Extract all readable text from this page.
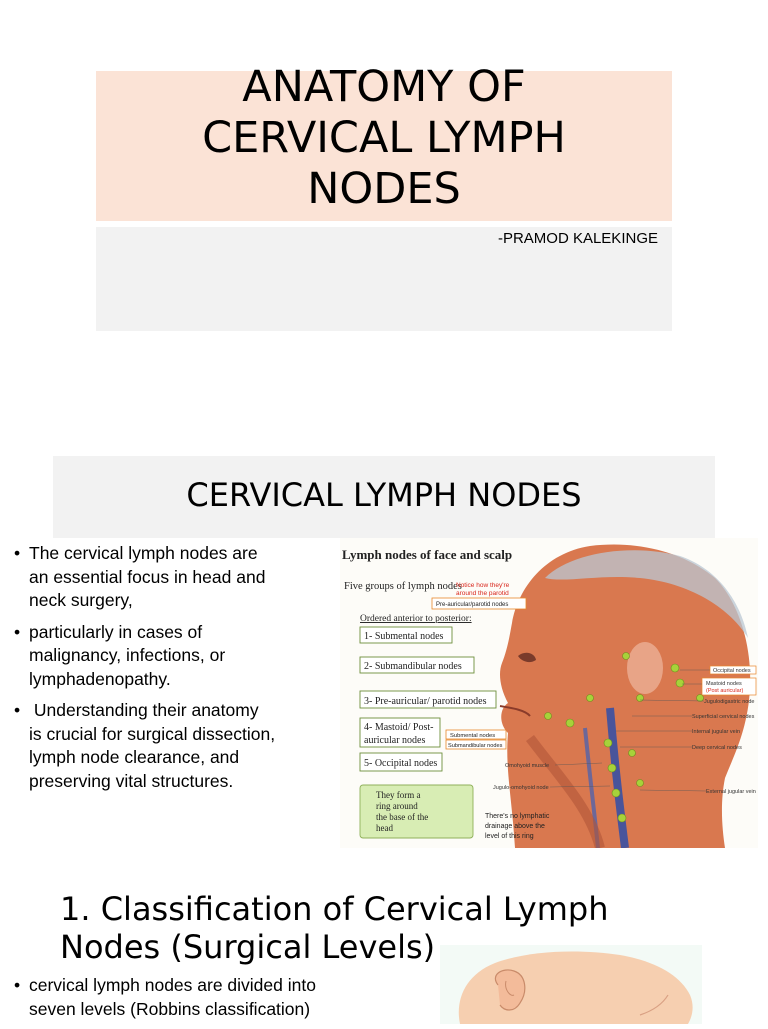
ANATOMY OF
CERVICAL LYMPH
NODES
-PRAMOD KALEKINGE
CERVICAL LYMPH NODES
• The cervical lymph nodes are
an essential focus in head and
neck surgery,
• particularly in cases of
malignancy, infections, or
lymphadenopathy.
• Understanding their anatomy
is crucial for surgical dissection,
lymph node clearance, and
preserving vital structures.
Lymph nodes of face and scalp
Five groups of lymph nodes
Notice how they're
around the parotid
Pre-auricular/parotid nodes
Ordered anterior to posterior:
1- Submental nodes
2- Submandibular nodes
3- Pre-auricular/ parotid nodes
4- Mastoid/ Post-
auricular nodes	Submental nodes
Submandibular nodes
5- Occipital nodes
They form a
ring around
the base of the
head
There's no lymphatic
drainage above the
level of this ring
Occipital nodes
Mastoid nodes
(Post auricular)
Jugulodigastric node
Superficial cervical nodes
Internal jugular vein
Deep cervical nodes
External jugular vein
Omohyoid muscle
Jugulo-omohyoid node
1. Classification of Cervical Lymph
Nodes (Surgical Levels)
• cervical lymph nodes are divided into
seven levels (Robbins classification)
